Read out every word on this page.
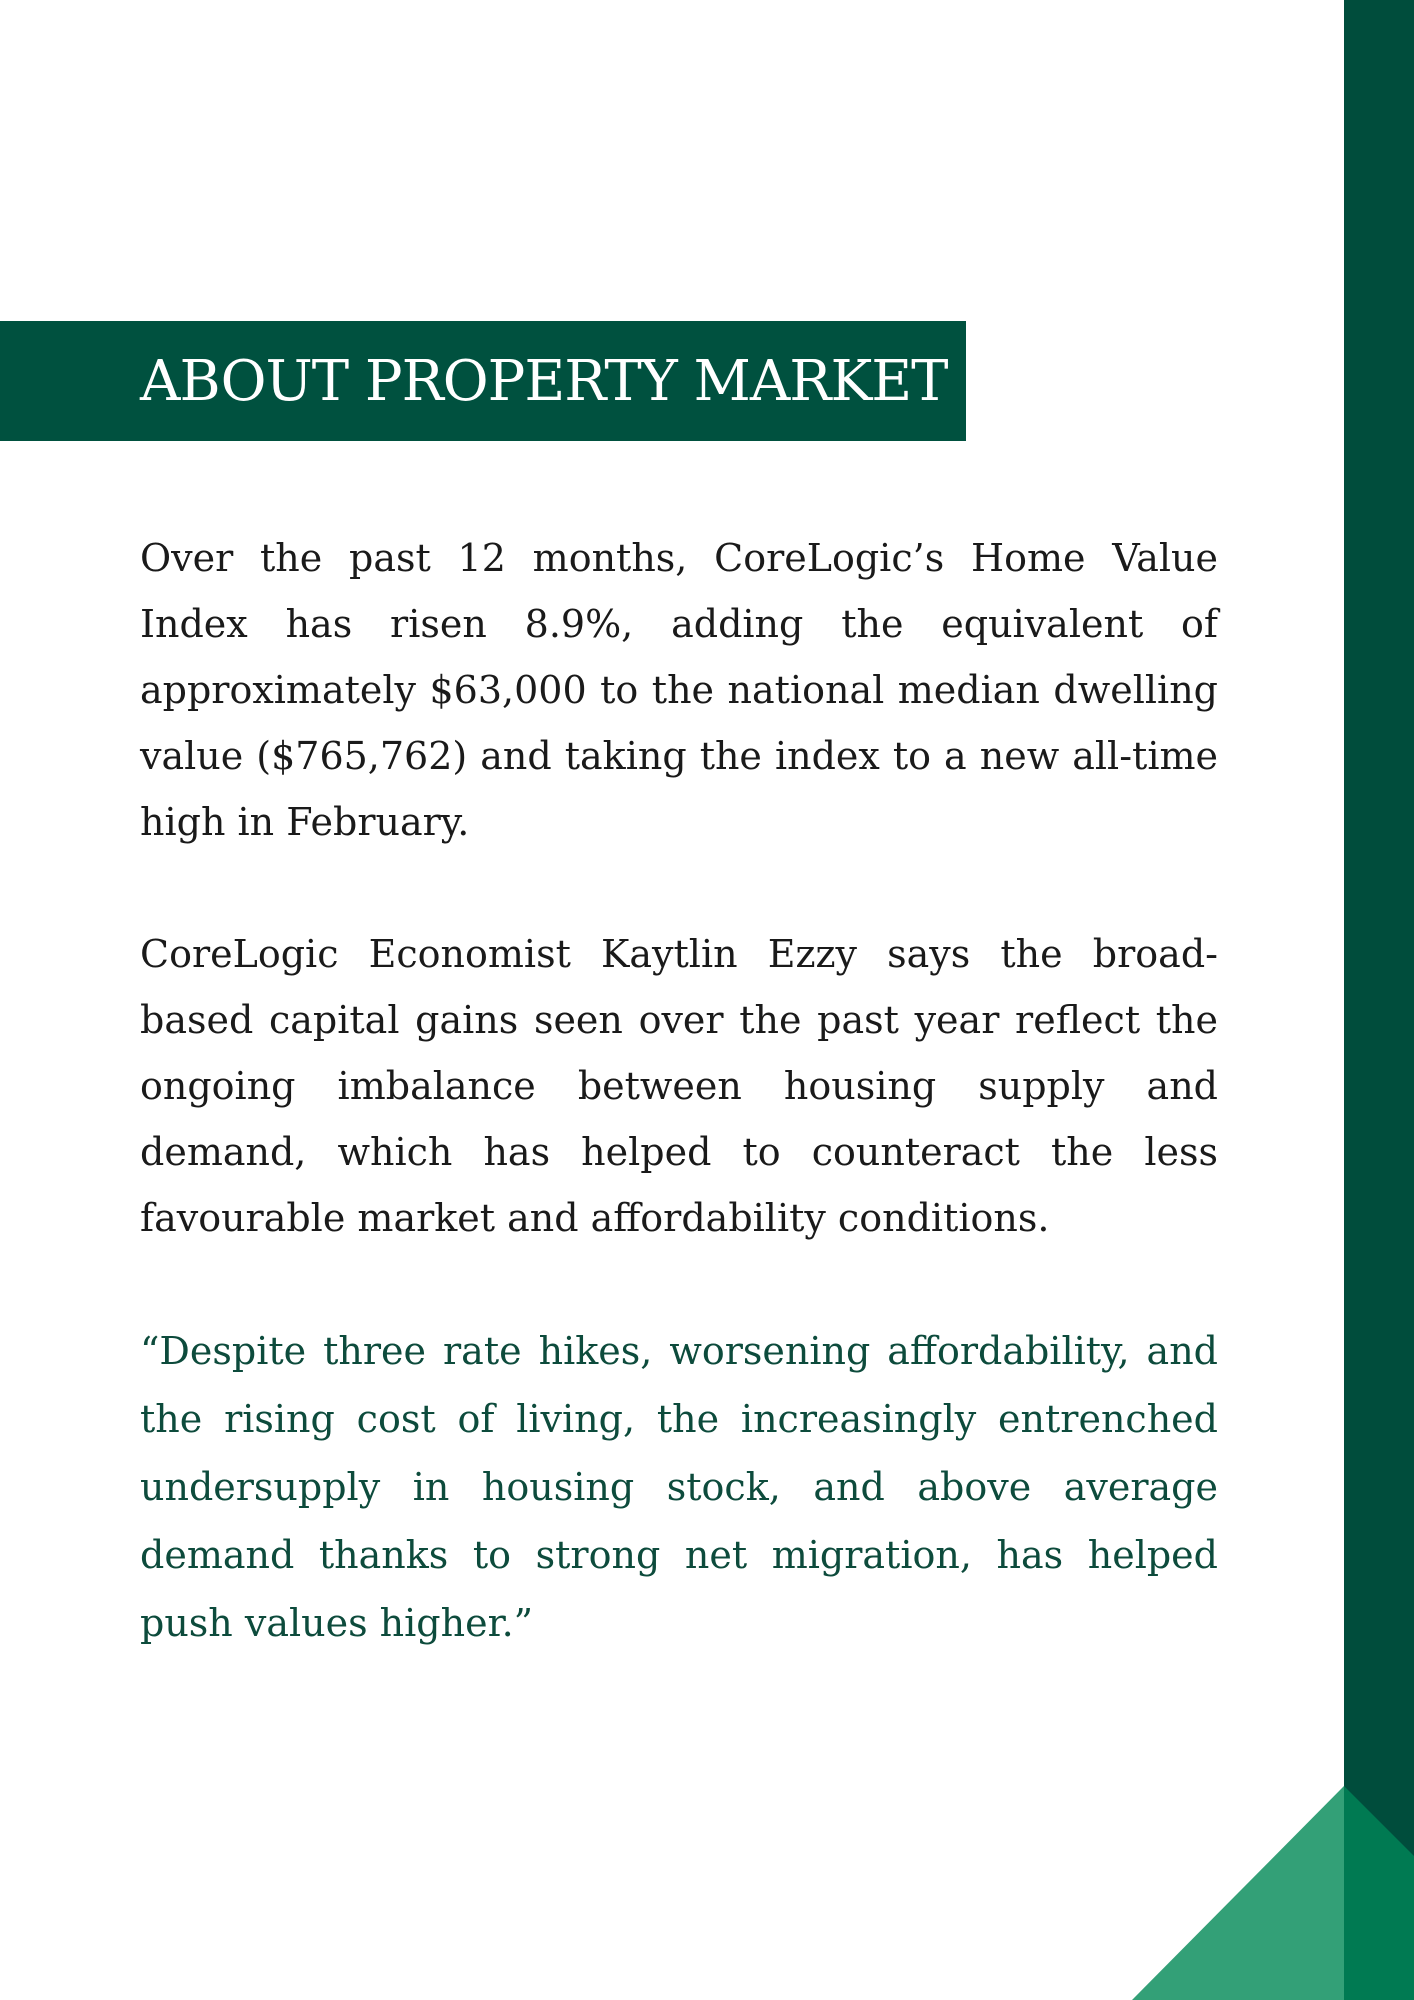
ABOUT PROPERTY MARKET

Over the past 12 months, CoreLogic’s Home Value Index has risen 8.9%, adding the equivalent of approximately $63,000 to the national median dwelling value ($765,762) and taking the index to a new all-time high in February.

CoreLogic Economist Kaytlin Ezzy says the broad-based capital gains seen over the past year reflect the ongoing imbalance between housing supply and demand, which has helped to counteract the less favourable market and affordability conditions.

“Despite three rate hikes, worsening affordability, and the rising cost of living, the increasingly entrenched undersupply in housing stock, and above average demand thanks to strong net migration, has helped push values higher.”
